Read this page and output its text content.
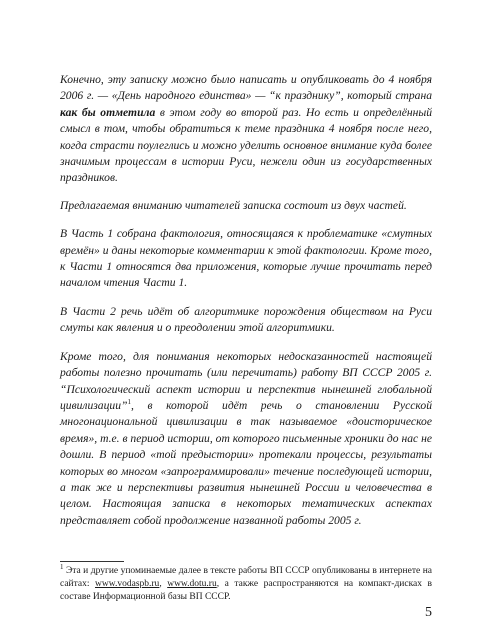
Конечно, эту записку можно было написать и опубликовать до 4 ноября 2006 г. — «День народного единства» — “к празднику”, который страна как бы отметила в этом году во второй раз. Но есть и определённый смысл в том, чтобы обратиться к теме праздника 4 ноября после него, когда страсти поулеглись и можно уделить основное внимание куда более значимым процессам в истории Руси, нежели один из государственных праздников.

Предлагаемая вниманию читателей записка состоит из двух частей.

В Часть 1 собрана фактология, относящаяся к проблематике «смутных времён» и даны некоторые комментарии к этой фактологии. Кроме того, к Части 1 относятся два приложения, которые лучше прочитать перед началом чтения Части 1.

В Части 2 речь идёт об алгоритмике порождения обществом на Руси смуты как явления и о преодолении этой алгоритмики.

Кроме того, для понимания некоторых недосказанностей настоящей работы полезно прочитать (или перечитать) работу ВП СССР 2005 г. “Психологический аспект истории и перспектив нынешней глобальной цивилизации”$^1$, в которой идёт речь о становлении Русской многонациональной цивилизации в так называемое «доисторическое время», т.е. в период истории, от которого письменные хроники до нас не дошли. В период «той предыстории» протекали процессы, результаты которых во многом «запрограммировали» течение последующей истории, а так же и перспективы развития нынешней России и человечества в целом. Настоящая записка в некоторых тематических аспектах представляет собой продолжение названной работы 2005 г.

$^1$ Эта и другие упоминаемые далее в тексте работы ВП СССР опубликованы в интернете на сайтах: www.vodaspb.ru, www.dotu.ru, а также распространяются на компакт-дисках в составе Информационной базы ВП СССР.
5
